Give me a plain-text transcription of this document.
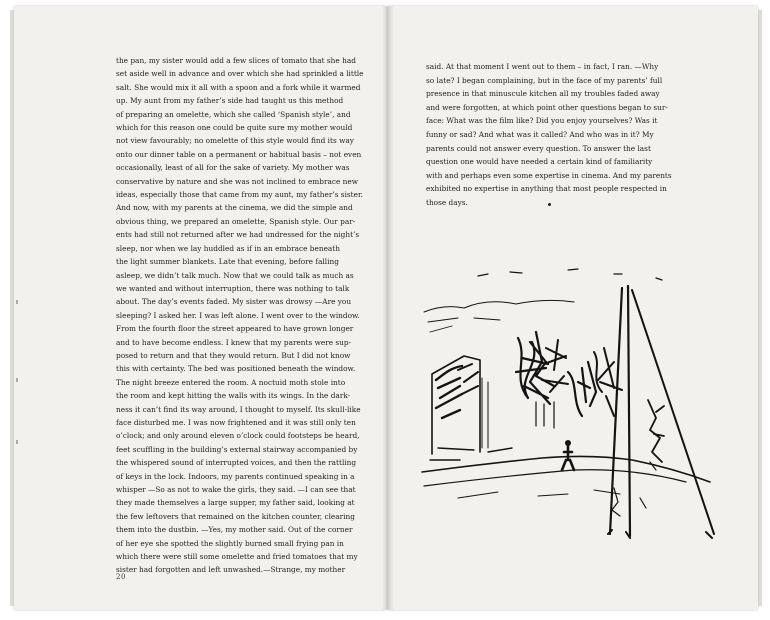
the pan, my sister would add a few slices of tomato that she had
set aside well in advance and over which she had sprinkled a little
salt. She would mix it all with a spoon and a fork while it warmed
up. My aunt from my father’s side had taught us this method
of preparing an omelette, which she called ‘Spanish style’, and
which for this reason one could be quite sure my mother would
not view favourably; no omelette of this style would find its way
onto our dinner table on a permanent or habitual basis – not even
occasionally, least of all for the sake of variety. My mother was
conservative by nature and she was not inclined to embrace new
ideas, especially those that came from my aunt, my father’s sister.
And now, with my parents at the cinema, we did the simple and
obvious thing, we prepared an omelette, Spanish style. Our par-
ents had still not returned after we had undressed for the night’s
sleep, nor when we lay huddled as if in an embrace beneath
the light summer blankets. Late that evening, before falling
asleep, we didn’t talk much. Now that we could talk as much as
we wanted and without interruption, there was nothing to talk
about. The day’s events faded. My sister was drowsy —Are you
sleeping? I asked her. I was left alone. I went over to the window.
From the fourth floor the street appeared to have grown longer
and to have become endless. I knew that my parents were sup-
posed to return and that they would return. But I did not know
this with certainty. The bed was positioned beneath the window.
The night breeze entered the room. A noctuid moth stole into
the room and kept hitting the walls with its wings. In the dark-
ness it can’t find its way around, I thought to myself. Its skull-like
face disturbed me. I was now frightened and it was still only ten
o’clock; and only around eleven o’clock could footsteps be heard,
feet scuffling in the building’s external stairway accompanied by
the whispered sound of interrupted voices, and then the rattling
of keys in the lock. Indoors, my parents continued speaking in a
whisper —So as not to wake the girls, they said. —I can see that
they made themselves a large supper, my father said, looking at
the few leftovers that remained on the kitchen counter, clearing
them into the dustbin. —Yes, my mother said. Out of the corner
of her eye she spotted the slightly burned small frying pan in
which there were still some omelette and fried tomatoes that my
sister had forgotten and left unwashed.—Strange, my mother
20
said. At that moment I went out to them – in fact, I ran. —Why
so late? I began complaining, but in the face of my parents’ full
presence in that minuscule kitchen all my troubles faded away
and were forgotten, at which point other questions began to sur-
face: What was the film like? Did you enjoy yourselves? Was it
funny or sad? And what was it called? And who was in it? My
parents could not answer every question. To answer the last
question one would have needed a certain kind of familiarity
with and perhaps even some expertise in cinema. And my parents
exhibited no expertise in anything that most people respected in
those days.
